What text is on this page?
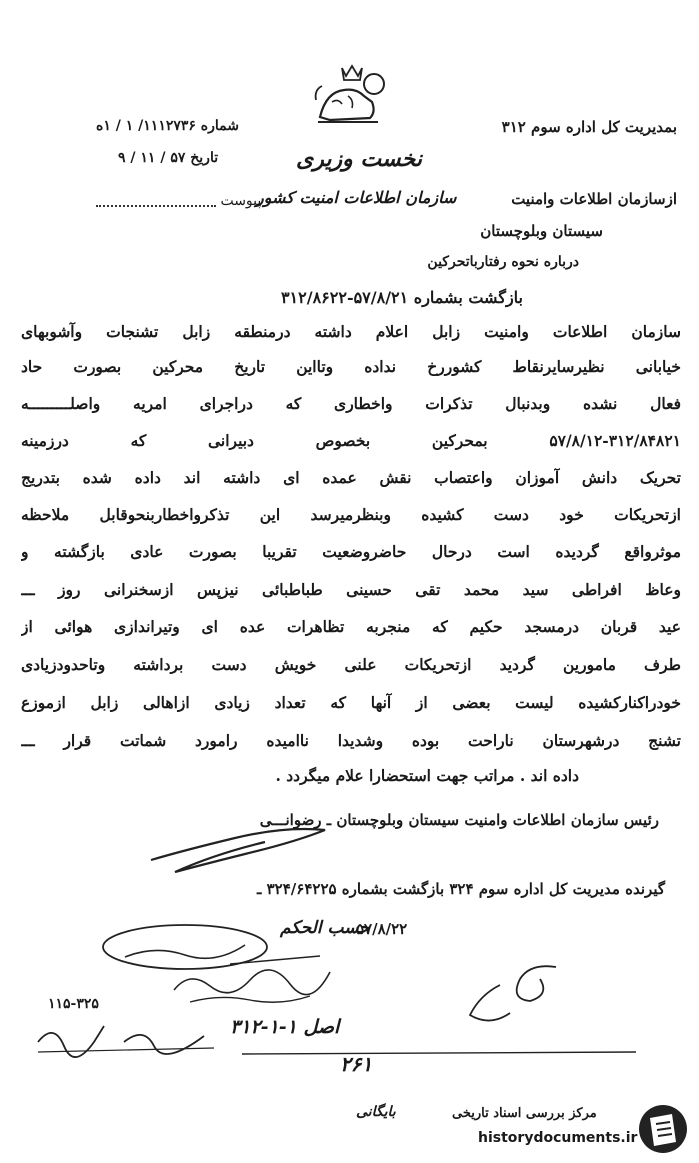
بمدیریت کل اداره سوم ۳۱۲
شماره ۱۱۱۲۷۳۶/ ۱ / ۱ه
نخست وزیری
تاریخ ۵۷ / ۱۱ / ۹
پیوست	ازسازمان اطلاعات وامنیت
سازمان اطلاعات امنیت کشور
سیستان وبلوچستان
درباره نحوه رفتارباتحرکین
بازگشت بشماره ۵۷/۸/۲۱-۳۱۲/۸۶۲۲
سازمان اطلاعات وامنیت زابل اعلام داشته درمنطقه زابل تشنجات وآشوبهای
خیابانی نظیرسایرنقاط کشوررخ نداده وتااین تاریخ محرکین بصورت حاد
فعال نشده وبدنبال تذکرات واخطاری که دراجرای امریه واصلـــــــــه
۵۷/۸/۱۲-۳۱۲/۸۴۸۲۱ بمحرکین بخصوص دبیرانی که درزمینه
تحریک دانش آموزان واعتصاب نقش عمده ای داشته اند داده شده بتدریج
ازتحریکات خود دست کشیده وبنظرمیرسد این تذکرواخطاربنحوقابل ملاحظه
موثرواقع گردیده است درحال حاضروضعیت تقریبا بصورت عادی بازگشته و
وعاظ افراطی سید محمد تقی حسینی طباطبائی نیزپس ازسخنرانی روز ـــ
عید قربان درمسجد حکیم که منجربه تظاهرات عده ای وتیراندازی هوائی از
طرف مامورین گردید ازتحریکات علنی خویش دست برداشته وتاحدودزیادی
خودراکنارکشیده لیست بعضی از آنها که تعداد زیادی ازاهالی زابل ازموزع
تشنج درشهرستان ناراحت بوده وشدیدا ناامیده رامورد شماتت قرار ـــ
داده اند . مراتب جهت استحضارا علام میگردد .
رئیس سازمان اطلاعات وامنیت سیستان وبلوچستان ـ رضوانـــی
گیرنده مدیریت کل اداره سوم ۳۲۴ بازگشت بشماره ۳۲۴/۶۴۲۲۵ ـ
۵۷/۸/۲۲
حسب الحکم
۱۱۵-۳۲۵
اصل ۱-۱-۳۱۲
۲۶۱
بایگانی	مرکز بررسی اسناد تاریخی
historydocuments.ir
